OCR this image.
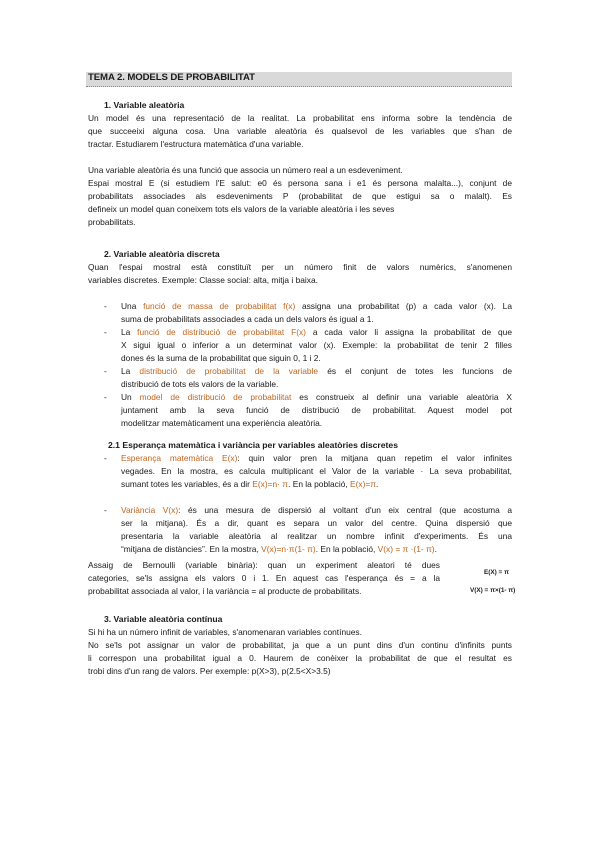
TEMA 2. MODELS DE PROBABILITAT
1. Variable aleatòria
Un model és una representació de la realitat. La probabilitat ens informa sobre la tendència de
que succeeixi alguna cosa. Una variable aleatòria és qualsevol de les variables que s'han de
tractar. Estudiarem l'estructura matemàtica d'una variable.
Una variable aleatòria és una funció que associa un número real a un esdeveniment.
Espai mostral E (si estudiem l'E salut: e0 és persona sana i e1 és persona malalta...), conjunt de
probabilitats associades als esdeveniments P (probabilitat de que estigui sa o malalt). Es
defineix un model quan coneixem tots els valors de la variable aleatòria i les seves
probabilitats.
2. Variable aleatòria discreta
Quan l'espai mostral està constituït per un número finit de valors numèrics, s'anomenen
variables discretes. Exemple: Classe social: alta, mitja i baixa.
- Una funció de massa de probabilitat f(x) assigna una probabilitat (p) a cada valor (x). La
suma de probabilitats associades a cada un dels valors és igual a 1.
- La funció de distribució de probabilitat F(x) a cada valor li assigna la probabilitat de que
X sigui igual o inferior a un determinat valor (x). Exemple: la probabilitat de tenir 2 filles
dones és la suma de la probabilitat que siguin 0, 1 i 2.
- La distribució de probabilitat de la variable és el conjunt de totes les funcions de
distribució de tots els valors de la variable.
- Un model de distribució de probabilitat es construeix al definir una variable aleatòria X
juntament amb la seva funció de distribució de probabilitat. Aquest model pot
modelitzar matemàticament una experiència aleatòria.
2.1 Esperança matemàtica i variància per variables aleatòries discretes
- Esperança matemàtica E(x): quin valor pren la mitjana quan repetim el valor infinites
vegades. En la mostra, es calcula multiplicant el Valor de la variable · La seva probabilitat,
sumant totes les variables, és a dir E(x)=n· π. En la població, E(x)=π.
- Variància V(x): és una mesura de dispersió al voltant d'un eix central (que acostuma a
ser la mitjana). És a dir, quant es separa un valor del centre. Quina dispersió que
presentaria la variable aleatòria al realitzar un nombre infinit d'experiments. És una
“mitjana de distàncies”. En la mostra, V(x)=n·π(1- π). En la població, V(x) = π ·(1- π).
Assaig de Bernoulli (variable binària): quan un experiment aleatori té dues
categories, se'ls assigna els valors 0 i 1. En aquest cas l'esperança és = a la
probabilitat associada al valor, i la variància = al producte de probabilitats.
E(X) = π
V(X) = π×(1- π)
3. Variable aleatòria contínua
Si hi ha un número infinit de variables, s'anomenaran variables contínues.
No se'ls pot assignar un valor de probabilitat, ja que a un punt dins d'un continu d'infinits punts
li correspon una probabilitat igual a 0. Haurem de conèixer la probabilitat de que el resultat es
trobi dins d'un rang de valors. Per exemple: p(X>3), p(2.5<X>3.5)
